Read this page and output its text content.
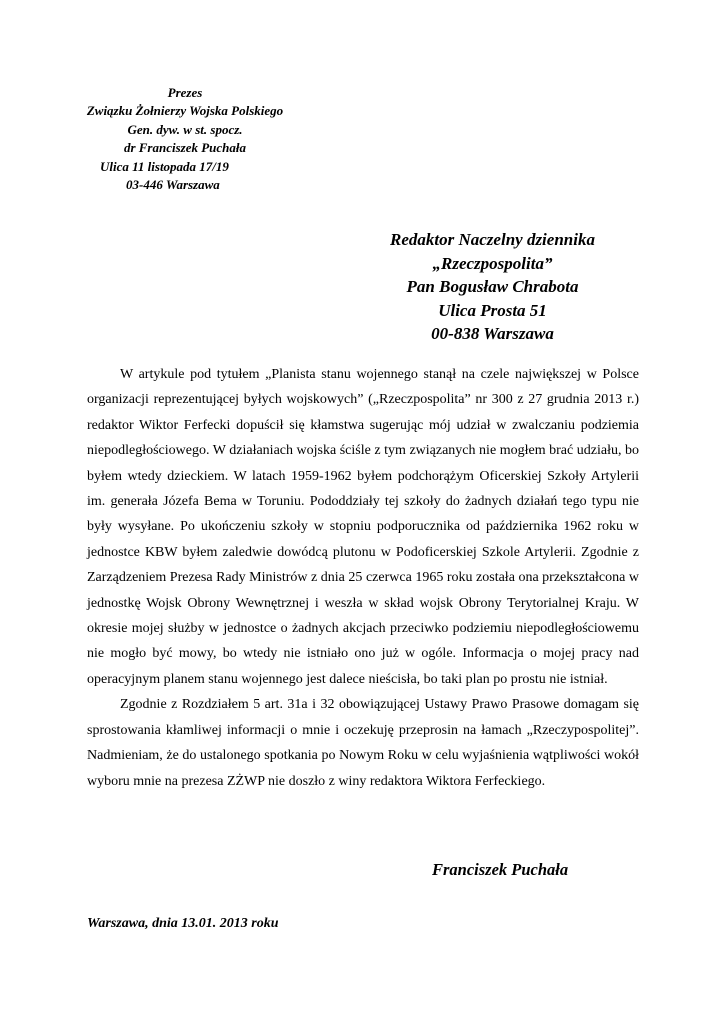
Prezes
Związku Żołnierzy Wojska Polskiego
Gen. dyw. w st. spocz.
dr Franciszek Puchała
Ulica 11 listopada 17/19
03-446 Warszawa
Redaktor Naczelny dziennika
„Rzeczpospolita”
Pan Bogusław Chrabota
Ulica Prosta 51
00-838 Warszawa

W artykule pod tytułem „Planista stanu wojennego stanął na czele największej w Polsce organizacji reprezentującej byłych wojskowych” („Rzeczpospolita” nr 300 z 27 grudnia 2013 r.) redaktor Wiktor Ferfecki dopuścił się kłamstwa sugerując mój udział w zwalczaniu podziemia niepodległościowego. W działaniach wojska ściśle z tym związanych nie mogłem brać udziału, bo byłem wtedy dzieckiem. W latach 1959-1962 byłem podchorążym Oficerskiej Szkoły Artylerii im. generała Józefa Bema w Toruniu. Pododdziały tej szkoły do żadnych działań tego typu nie były wysyłane. Po ukończeniu szkoły w stopniu podporucznika od października 1962 roku w jednostce KBW byłem zaledwie dowódcą plutonu w Podoficerskiej Szkole Artylerii. Zgodnie z Zarządzeniem Prezesa Rady Ministrów z dnia 25 czerwca 1965 roku została ona przekształcona w jednostkę Wojsk Obrony Wewnętrznej i weszła w skład wojsk Obrony Terytorialnej Kraju. W okresie mojej służby w jednostce o żadnych akcjach przeciwko podziemiu niepodległościowemu nie mogło być mowy, bo wtedy nie istniało ono już w ogóle. Informacja o mojej pracy nad operacyjnym planem stanu wojennego jest dalece nieścisła, bo taki plan po prostu nie istniał.

Zgodnie z Rozdziałem 5 art. 31a i 32 obowiązującej Ustawy Prawo Prasowe domagam się sprostowania kłamliwej informacji o mnie i oczekuję przeprosin na łamach „Rzeczypospolitej”. Nadmieniam, że do ustalonego spotkania po Nowym Roku w celu wyjaśnienia wątpliwości wokół wyboru mnie na prezesa ZŻWP nie doszło z winy redaktora Wiktora Ferfeckiego.

Franciszek Puchała
Warszawa, dnia 13.01. 2013 roku
